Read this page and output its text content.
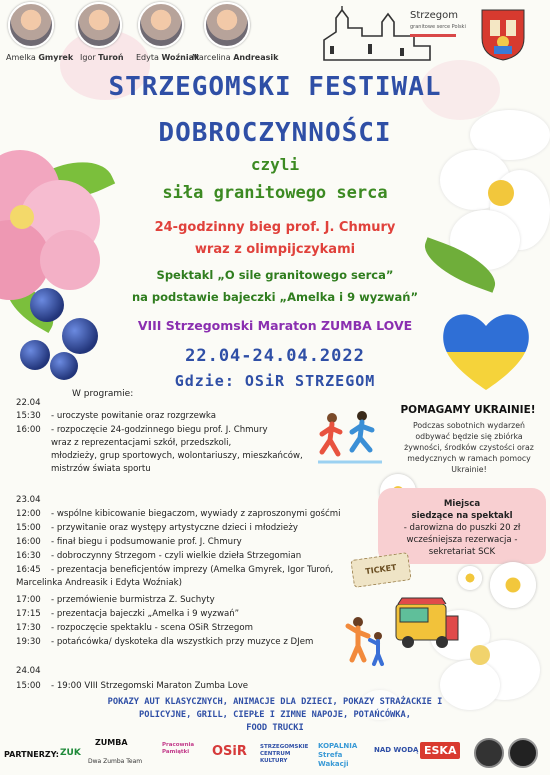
Amelka Gmyrek Igor Turoń Edyta Woźniak
Marcelina Andreasik
Strzegom
granitowe serce Polski
STRZEGOMSKI FESTIWAL
DOBROCZYNNOŚCI
czyli
siła granitowego serca
24-godzinny bieg prof. J. Chmury
wraz z olimpijczykami
Spektakl „O sile granitowego serca”
na podstawie bajeczki „Amelka i 9 wyzwań”
VIII Strzegomski Maraton ZUMBA LOVE
22.04-24.04.2022
Gdzie: OSiR STRZEGOM
W programie:
22.04
15:30 - uroczyste powitanie oraz rozgrzewka
16:00 - rozpoczęcie 24-godzinnego biegu prof. J. Chmury
wraz z reprezentacjami szkół, przedszkoli,
młodzieży, grup sportowych, wolontariuszy, mieszkańców,
mistrzów świata sportu
23.04
12:00 - wspólne kibicowanie biegaczom, wywiady z zaproszonymi gośćmi
15:00 - przywitanie oraz występy artystyczne dzieci i młodzieży
16:00 - finał biegu i podsumowanie prof. J. Chmury
16:30 - dobroczynny Strzegom - czyli wielkie dzieła Strzegomian
16:45 - prezentacja beneficjentów imprezy (Amelka Gmyrek, Igor Turoń,
Marcelinka Andreasik i Edyta Woźniak)
17:00 - przemówienie burmistrza Z. Suchyty
17:15 - prezentacja bajeczki „Amelka i 9 wyzwań”
17:30 - rozpoczęcie spektaklu - scena OSiR Strzegom
19:30 - potańcówka/ dyskoteka dla wszystkich przy muzyce z DJem
24.04
15:00 - 19:00 VIII Strzegomski Maraton Zumba Love
POMAGAMY UKRAINIE!
Podczas sobotnich wydarzeń
odbywać będzie się zbiórka
żywności, środków czystości oraz
medycznych w ramach pomocy
Ukrainie!
Miejsca
siedzące na spektakl
- darowizna do puszki 20 zł
wcześniejsza rezerwacja -
sekretariat SCK
TICKET
POKAZY AUT KLASYCZNYCH, ANIMACJE DLA DZIECI, POKAZY STRAŻACKIE I
POLICYJNE, GRILL, CIEPŁE I ZIMNE NAPOJE, POTAŃCÓWKA,
FOOD TRUCKI
PARTNERZY: ZUK
ZUMBA
Dwa Zumba Team
Pracownia Pamiątki	OSiR STRZEGOMSKIE CENTRUM KULTURY
KOPALNIA Strefa Wakacji
NAD WODĄ ESKA
